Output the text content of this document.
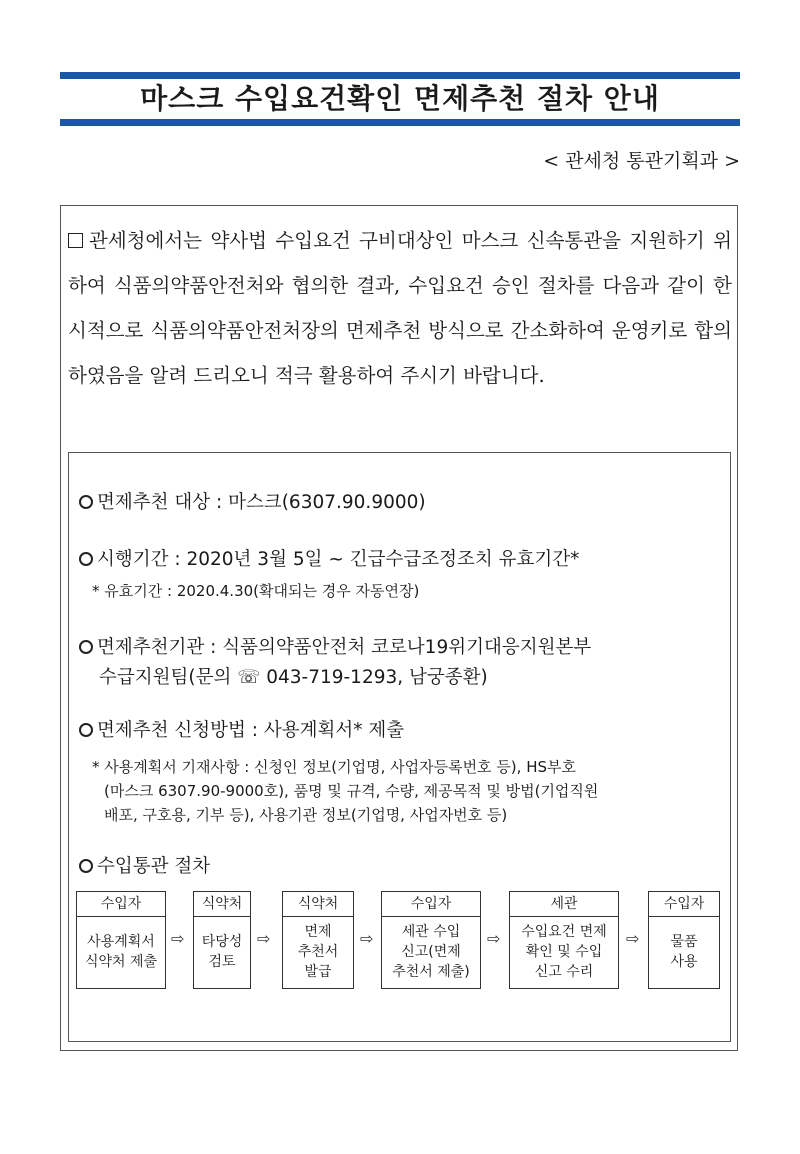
마스크 수입요건확인 면제추천 절차 안내
< 관세청 통관기획과 >
관세청에서는 약사법 수입요건 구비대상인 마스크 신속통관을 지원하기 위하여 식품의약품안전처와 협의한 결과, 수입요건 승인 절차를 다음과 같이 한시적으로 식품의약품안전처장의 면제추천 방식으로 간소화하여 운영키로 합의하였음을 알려 드리오니 적극 활용하여 주시기 바랍니다.
면제추천 대상 : 마스크(6307.90.9000)
시행기간 : 2020년 3월 5일 ~ 긴급수급조정조치 유효기간*
* 유효기간 : 2020.4.30(확대되는 경우 자동연장)
면제추천기관 : 식품의약품안전처 코로나19위기대응지원본부
수급지원팀(문의 ☏ 043-719-1293, 남궁종환)
면제추천 신청방법 : 사용계획서* 제출
* 사용계획서 기재사항 : 신청인 정보(기업명, 사업자등록번호 등), HS부호
(마스크 6307.90-9000호), 품명 및 규격, 수량, 제공목적 및 방법(기업직원
배포, 구호용, 기부 등), 사용기관 정보(기업명, 사업자번호 등)
수입통관 절차
수입자
사용계획서
식약처 제출
⇨
식약처
타당성
검토
⇨
식약처
면제
추천서
발급
⇨
수입자
세관 수입
신고(면제
추천서 제출)
⇨
세관
수입요건 면제
확인 및 수입
신고 수리
⇨
수입자
물품
사용
